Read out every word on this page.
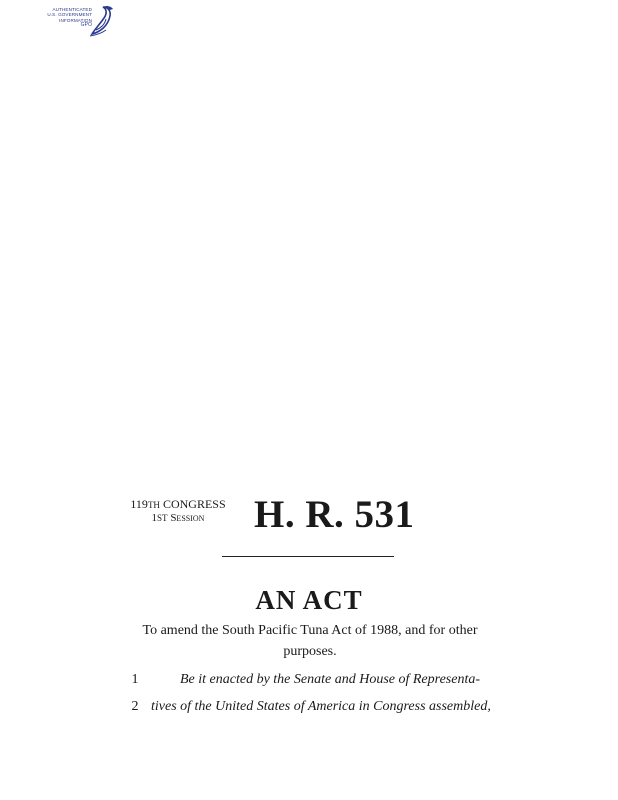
AUTHENTICATED
U.S. GOVERNMENT
INFORMATION
GPO
119TH CONGRESS
1ST Session	H. R. 531
AN ACT
To amend the South Pacific Tuna Act of 1988, and for other purposes.
1	Be it enacted by the Senate and House of Representa-
2 tives of the United States of America in Congress assembled,
